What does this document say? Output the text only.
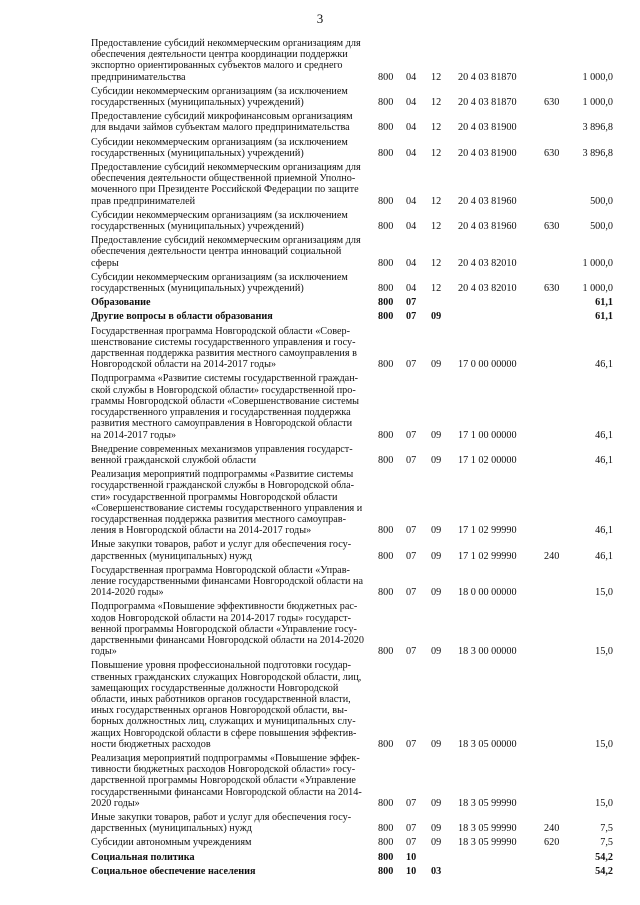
3
Предоставление субсидий некоммерческим организациям для обеспечения деятельности центра координации поддержки экспортно ориентированных субъектов малого и среднего предпринимательства	800	04	12	20 4 03 81870		1 000,0
Субсидии некоммерческим организациям (за исключением государственных (муниципальных) учреждений)	800	04	12	20 4 03 81870	630	1 000,0
Предоставление субсидий микрофинансовым организациям для выдачи займов субъектам малого предпринимательства	800	04	12	20 4 03 81900		3 896,8
Субсидии некоммерческим организациям (за исключением государственных (муниципальных) учреждений)	800	04	12	20 4 03 81900	630	3 896,8
Предоставление субсидий некоммерческим организациям для обеспечения деятельности общественной приемной Уполномоченного при Президенте Российской Федерации по защите прав предпринимателей	800	04	12	20 4 03 81960		500,0
Субсидии некоммерческим организациям (за исключением государственных (муниципальных) учреждений)	800	04	12	20 4 03 81960	630	500,0
Предоставление субсидий некоммерческим организациям для обеспечения деятельности центра инноваций социальной сферы	800	04	12	20 4 03 82010		1 000,0
Субсидии некоммерческим организациям (за исключением государственных (муниципальных) учреждений)	800	04	12	20 4 03 82010	630	1 000,0
Образование	800	07				61,1
Другие вопросы в области образования	800	07	09			61,1
Государственная программа Новгородской области «Совершенствование системы государственного управления и государственная поддержка развития местного самоуправления в Новгородской области на 2014-2017 годы»	800	07	09	17 0 00 00000		46,1
Подпрограмма «Развитие системы государственной гражданской службы в Новгородской области» государственной программы Новгородской области «Совершенствование системы государственного управления и государственная поддержка развития местного самоуправления в Новгородской области на 2014-2017 годы»	800	07	09	17 1 00 00000		46,1
Внедрение современных механизмов управления государственной гражданской службой области	800	07	09	17 1 02 00000		46,1
Реализация мероприятий подпрограммы «Развитие системы государственной гражданской службы в Новгородской области» государственной программы Новгородской области «Совершенствование системы государственного управления и государственная поддержка развития местного самоуправления в Новгородской области на 2014-2017 годы»	800	07	09	17 1 02 99990		46,1
Иные закупки товаров, работ и услуг для обеспечения государственных (муниципальных) нужд	800	07	09	17 1 02 99990	240	46,1
Государственная программа Новгородской области «Управление государственными финансами Новгородской области на 2014-2020 годы»	800	07	09	18 0 00 00000		15,0
Подпрограмма «Повышение эффективности бюджетных расходов Новгородской области на 2014-2017 годы» государственной программы Новгородской области «Управление государственными финансами Новгородской области на 2014-2020 годы»	800	07	09	18 3 00 00000		15,0
Повышение уровня профессиональной подготовки государственных гражданских служащих Новгородской области, лиц, замещающих государственные должности Новгородской области, иных работников органов государственной власти, иных государственных органов Новгородской области, выборных должностных лиц, служащих и муниципальных служащих Новгородской области в сфере повышения эффективности бюджетных расходов	800	07	09	18 3 05 00000		15,0
Реализация мероприятий подпрограммы «Повышение эффективности бюджетных расходов Новгородской области» государственной программы Новгородской области «Управление государственными финансами Новгородской области на 2014-2020 годы»	800	07	09	18 3 05 99990		15,0
Иные закупки товаров, работ и услуг для обеспечения государственных (муниципальных) нужд	800	07	09	18 3 05 99990	240	7,5
Субсидии автономным учреждениям	800	07	09	18 3 05 99990	620	7,5
Социальная политика	800	10				54,2
Социальное обеспечение населения	800	10	03			54,2
